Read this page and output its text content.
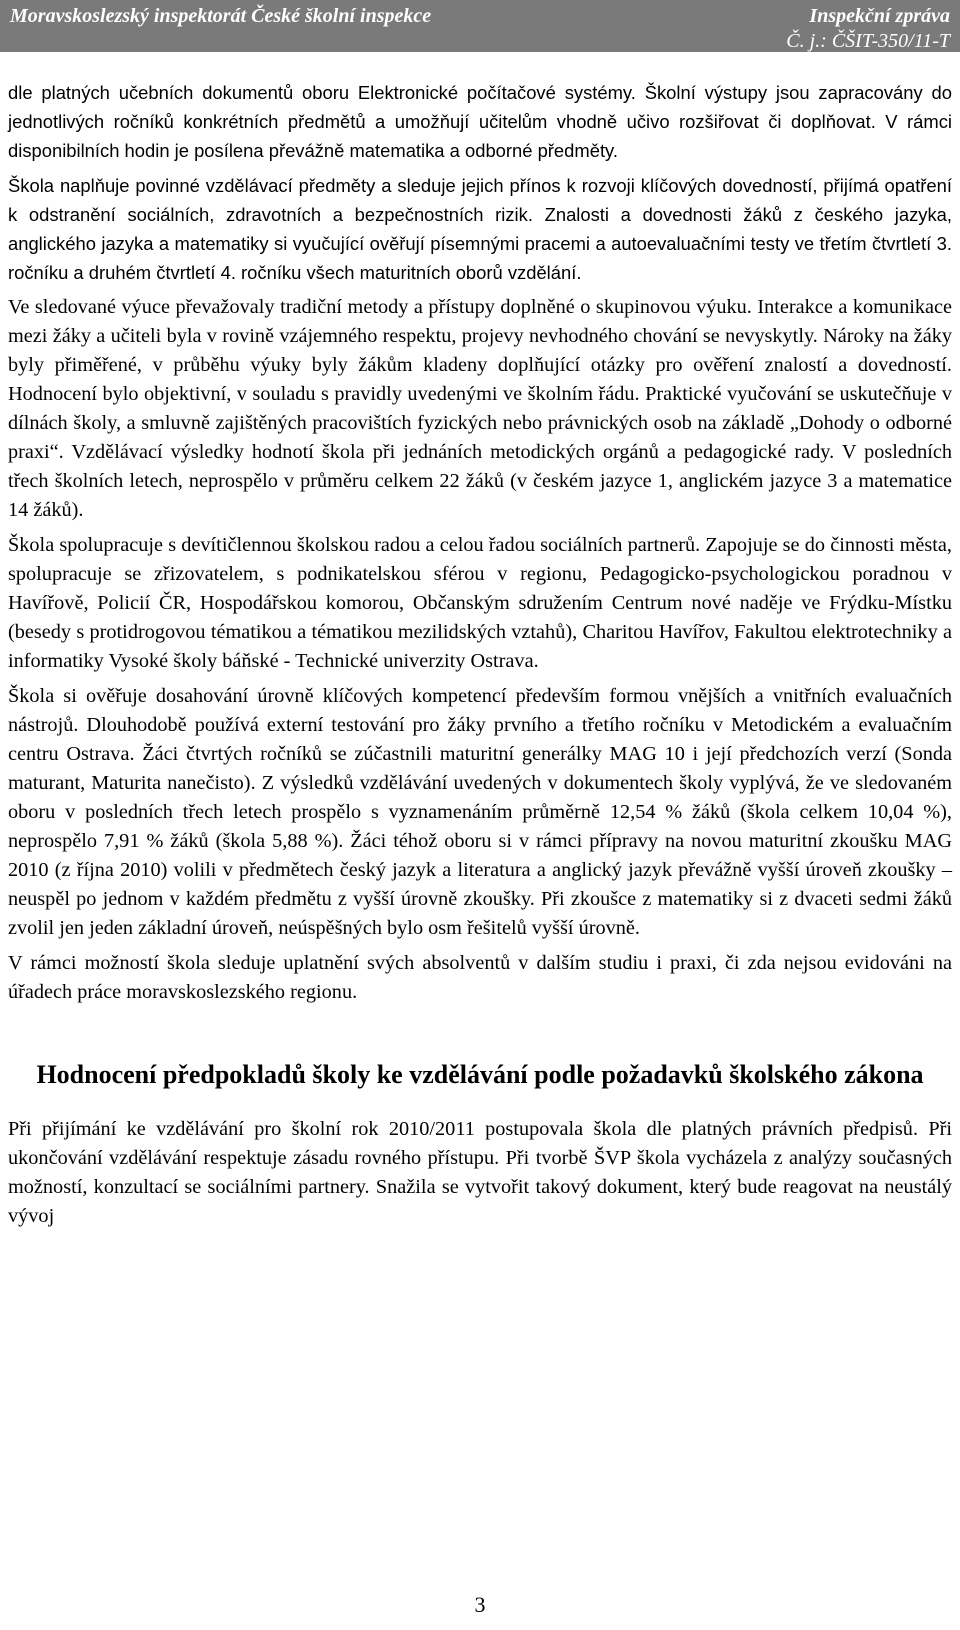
Moravskoslezský inspektorát České školní inspekce	Inspekční zpráva
Č. j.: ČŠIT-350/11-T

dle platných učebních dokumentů oboru Elektronické počítačové systémy. Školní výstupy jsou zapracovány do jednotlivých ročníků konkrétních předmětů a umožňují učitelům vhodně učivo rozšiřovat či doplňovat. V rámci disponibilních hodin je posílena převážně matematika a odborné předměty.

Škola naplňuje povinné vzdělávací předměty a sleduje jejich přínos k rozvoji klíčových dovedností, přijímá opatření k odstranění sociálních, zdravotních a bezpečnostních rizik. Znalosti a dovednosti žáků z českého jazyka, anglického jazyka a matematiky si vyučující ověřují písemnými pracemi a autoevaluačními testy ve třetím čtvrtletí 3. ročníku a druhém čtvrtletí 4. ročníku všech maturitních oborů vzdělání.

Ve sledované výuce převažovaly tradiční metody a přístupy doplněné o skupinovou výuku. Interakce a komunikace mezi žáky a učiteli byla v rovině vzájemného respektu, projevy nevhodného chování se nevyskytly. Nároky na žáky byly přiměřené, v průběhu výuky byly žákům kladeny doplňující otázky pro ověření znalostí a dovedností. Hodnocení bylo objektivní, v souladu s pravidly uvedenými ve školním řádu. Praktické vyučování se uskutečňuje v dílnách školy, a smluvně zajištěných pracovištích fyzických nebo právnických osob na základě „Dohody o odborné praxi“. Vzdělávací výsledky hodnotí škola při jednáních metodických orgánů a pedagogické rady. V posledních třech školních letech, neprospělo v průměru celkem 22 žáků (v českém jazyce 1, anglickém jazyce 3 a matematice 14 žáků).

Škola spolupracuje s devítičlennou školskou radou a celou řadou sociálních partnerů. Zapojuje se do činnosti města, spolupracuje se zřizovatelem, s podnikatelskou sférou v regionu, Pedagogicko-psychologickou poradnou v Havířově, Policií ČR, Hospodářskou komorou, Občanským sdružením Centrum nové naděje ve Frýdku-Místku (besedy s protidrogovou tématikou a tématikou mezilidských vztahů), Charitou Havířov, Fakultou elektrotechniky a informatiky Vysoké školy báňské - Technické univerzity Ostrava.

Škola si ověřuje dosahování úrovně klíčových kompetencí především formou vnějších a vnitřních evaluačních nástrojů. Dlouhodobě používá externí testování pro žáky prvního a třetího ročníku v Metodickém a evaluačním centru Ostrava. Žáci čtvrtých ročníků se zúčastnili maturitní generálky MAG 10 i její předchozích verzí (Sonda maturant, Maturita nanečisto). Z výsledků vzdělávání uvedených v dokumentech školy vyplývá, že ve sledovaném oboru v posledních třech letech prospělo s vyznamenáním průměrně 12,54 % žáků (škola celkem 10,04 %), neprospělo 7,91 % žáků (škola 5,88 %). Žáci téhož oboru si v rámci přípravy na novou maturitní zkoušku MAG 2010 (z října 2010) volili v předmětech český jazyk a literatura a anglický jazyk převážně vyšší úroveň zkoušky – neuspěl po jednom v každém předmětu z vyšší úrovně zkoušky. Při zkoušce z matematiky si z dvaceti sedmi žáků zvolil jen jeden základní úroveň, neúspěšných bylo osm řešitelů vyšší úrovně.

V rámci možností škola sleduje uplatnění svých absolventů v dalším studiu i praxi, či zda nejsou evidováni na úřadech práce moravskoslezského regionu.

Hodnocení předpokladů školy ke vzdělávání podle požadavků školského zákona

Při přijímání ke vzdělávání pro školní rok 2010/2011 postupovala škola dle platných právních předpisů. Při ukončování vzdělávání respektuje zásadu rovného přístupu. Při tvorbě ŠVP škola vycházela z analýzy současných možností, konzultací se sociálními partnery. Snažila se vytvořit takový dokument, který bude reagovat na neustálý vývoj

3
